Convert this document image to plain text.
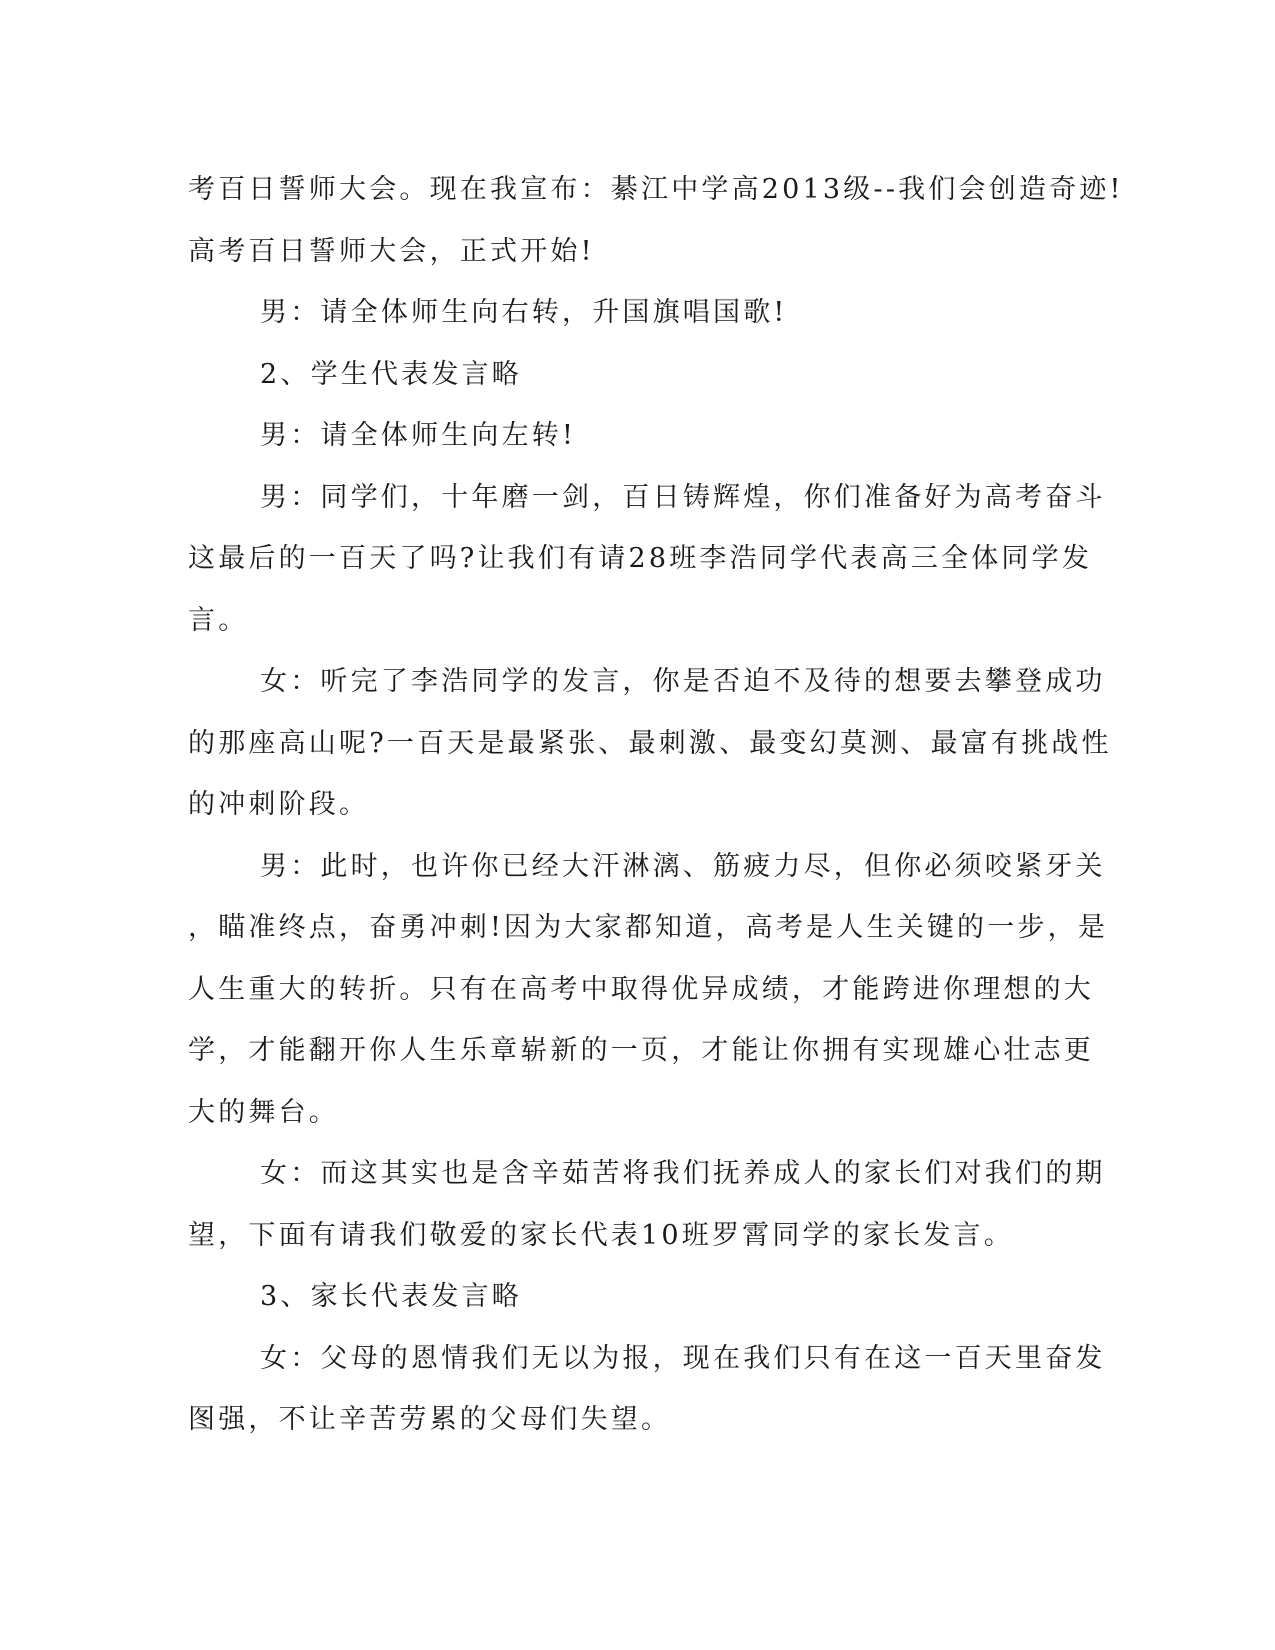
考百日誓师大会。现在我宣布：綦江中学高2013级--我们会创造奇迹!

高考百日誓师大会，正式开始!

男：请全体师生向右转，升国旗唱国歌!

2、学生代表发言略

男：请全体师生向左转!

男：同学们，十年磨一剑，百日铸辉煌，你们准备好为高考奋斗

这最后的一百天了吗?让我们有请28班李浩同学代表高三全体同学发

言。

女：听完了李浩同学的发言，你是否迫不及待的想要去攀登成功

的那座高山呢?一百天是最紧张、最刺激、最变幻莫测、最富有挑战性

的冲刺阶段。

男：此时，也许你已经大汗淋漓、筋疲力尽，但你必须咬紧牙关

，瞄准终点，奋勇冲刺!因为大家都知道，高考是人生关键的一步，是

人生重大的转折。只有在高考中取得优异成绩，才能跨进你理想的大

学，才能翻开你人生乐章崭新的一页，才能让你拥有实现雄心壮志更

大的舞台。

女：而这其实也是含辛茹苦将我们抚养成人的家长们对我们的期

望，下面有请我们敬爱的家长代表10班罗霄同学的家长发言。

3、家长代表发言略

女：父母的恩情我们无以为报，现在我们只有在这一百天里奋发

图强，不让辛苦劳累的父母们失望。
